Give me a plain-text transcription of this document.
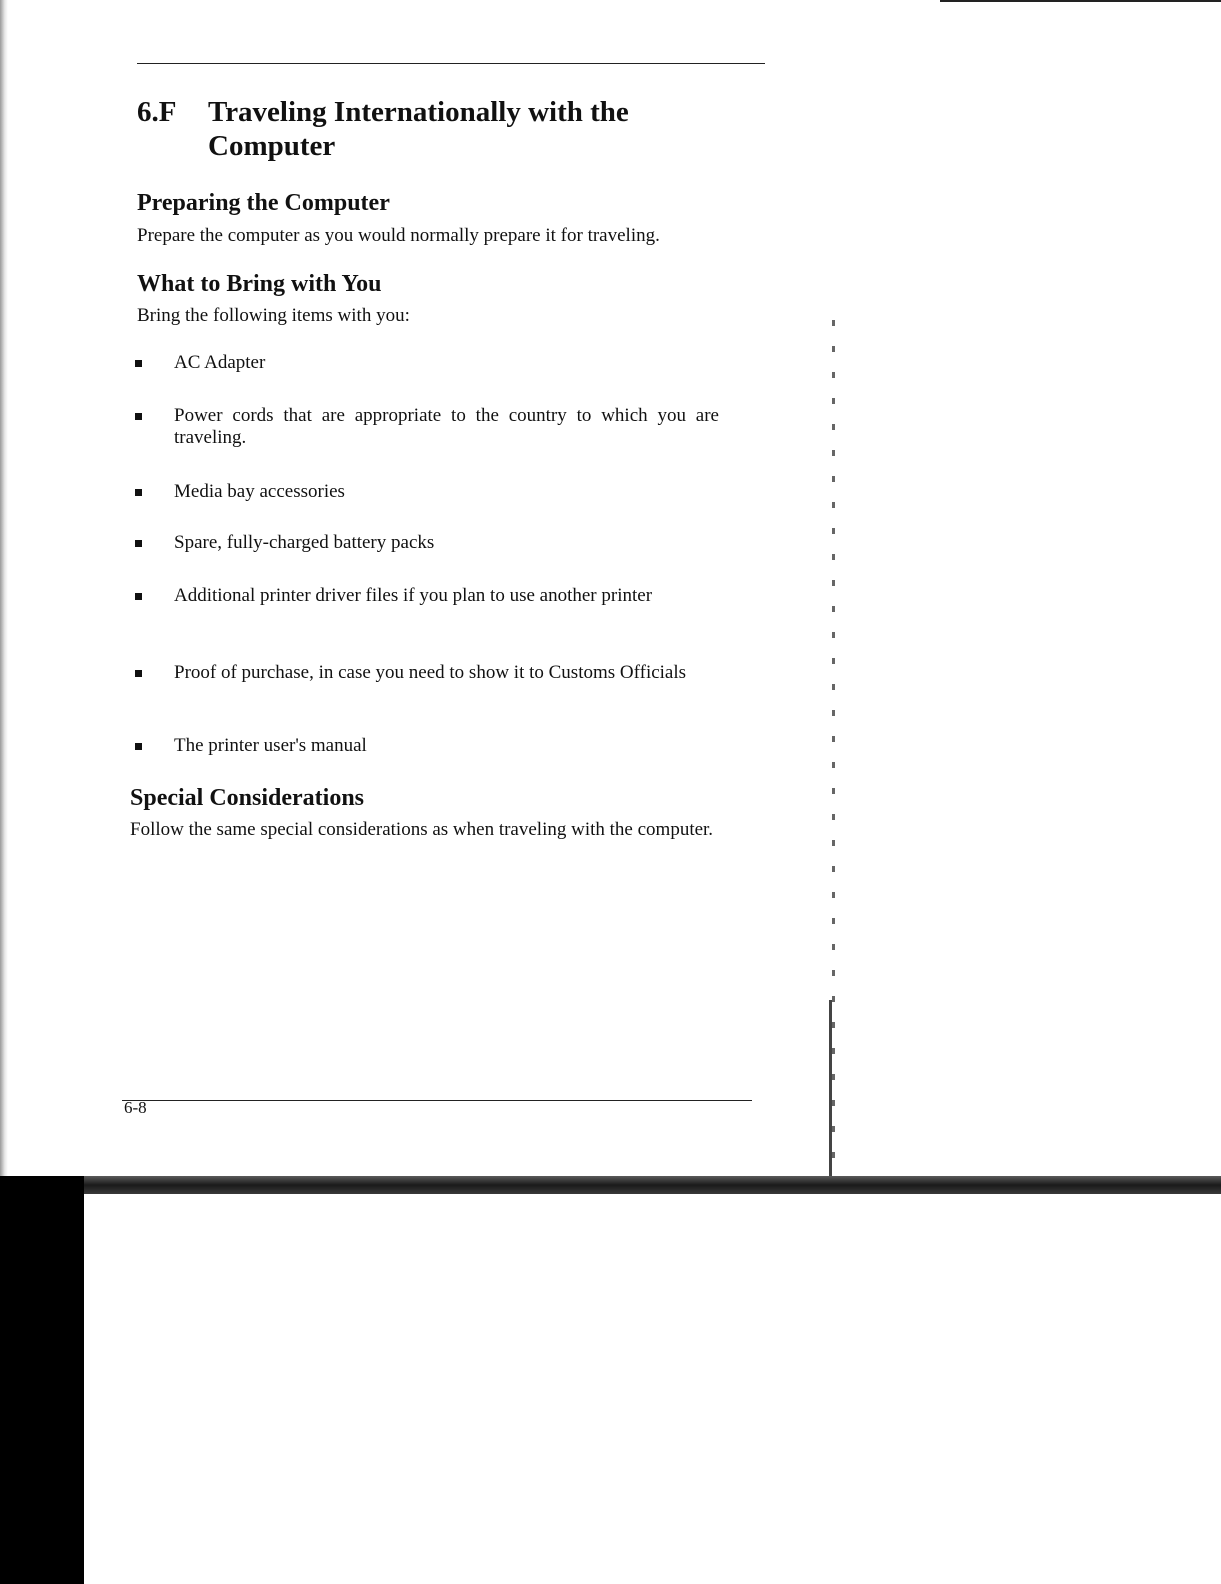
6.F Traveling Internationally with the Computer
Preparing the Computer

Prepare the computer as you would normally prepare it for traveling.

What to Bring with You

Bring the following items with you:

AC Adapter
Power cords that are appropriate to the country to which you are traveling.
Media bay accessories
Spare, fully-charged battery packs
Additional printer driver files if you plan to use another printer
Proof of purchase, in case you need to show it to Customs Officials
The printer user's manual
Special Considerations

Follow the same special considerations as when traveling with the computer.

6-8
